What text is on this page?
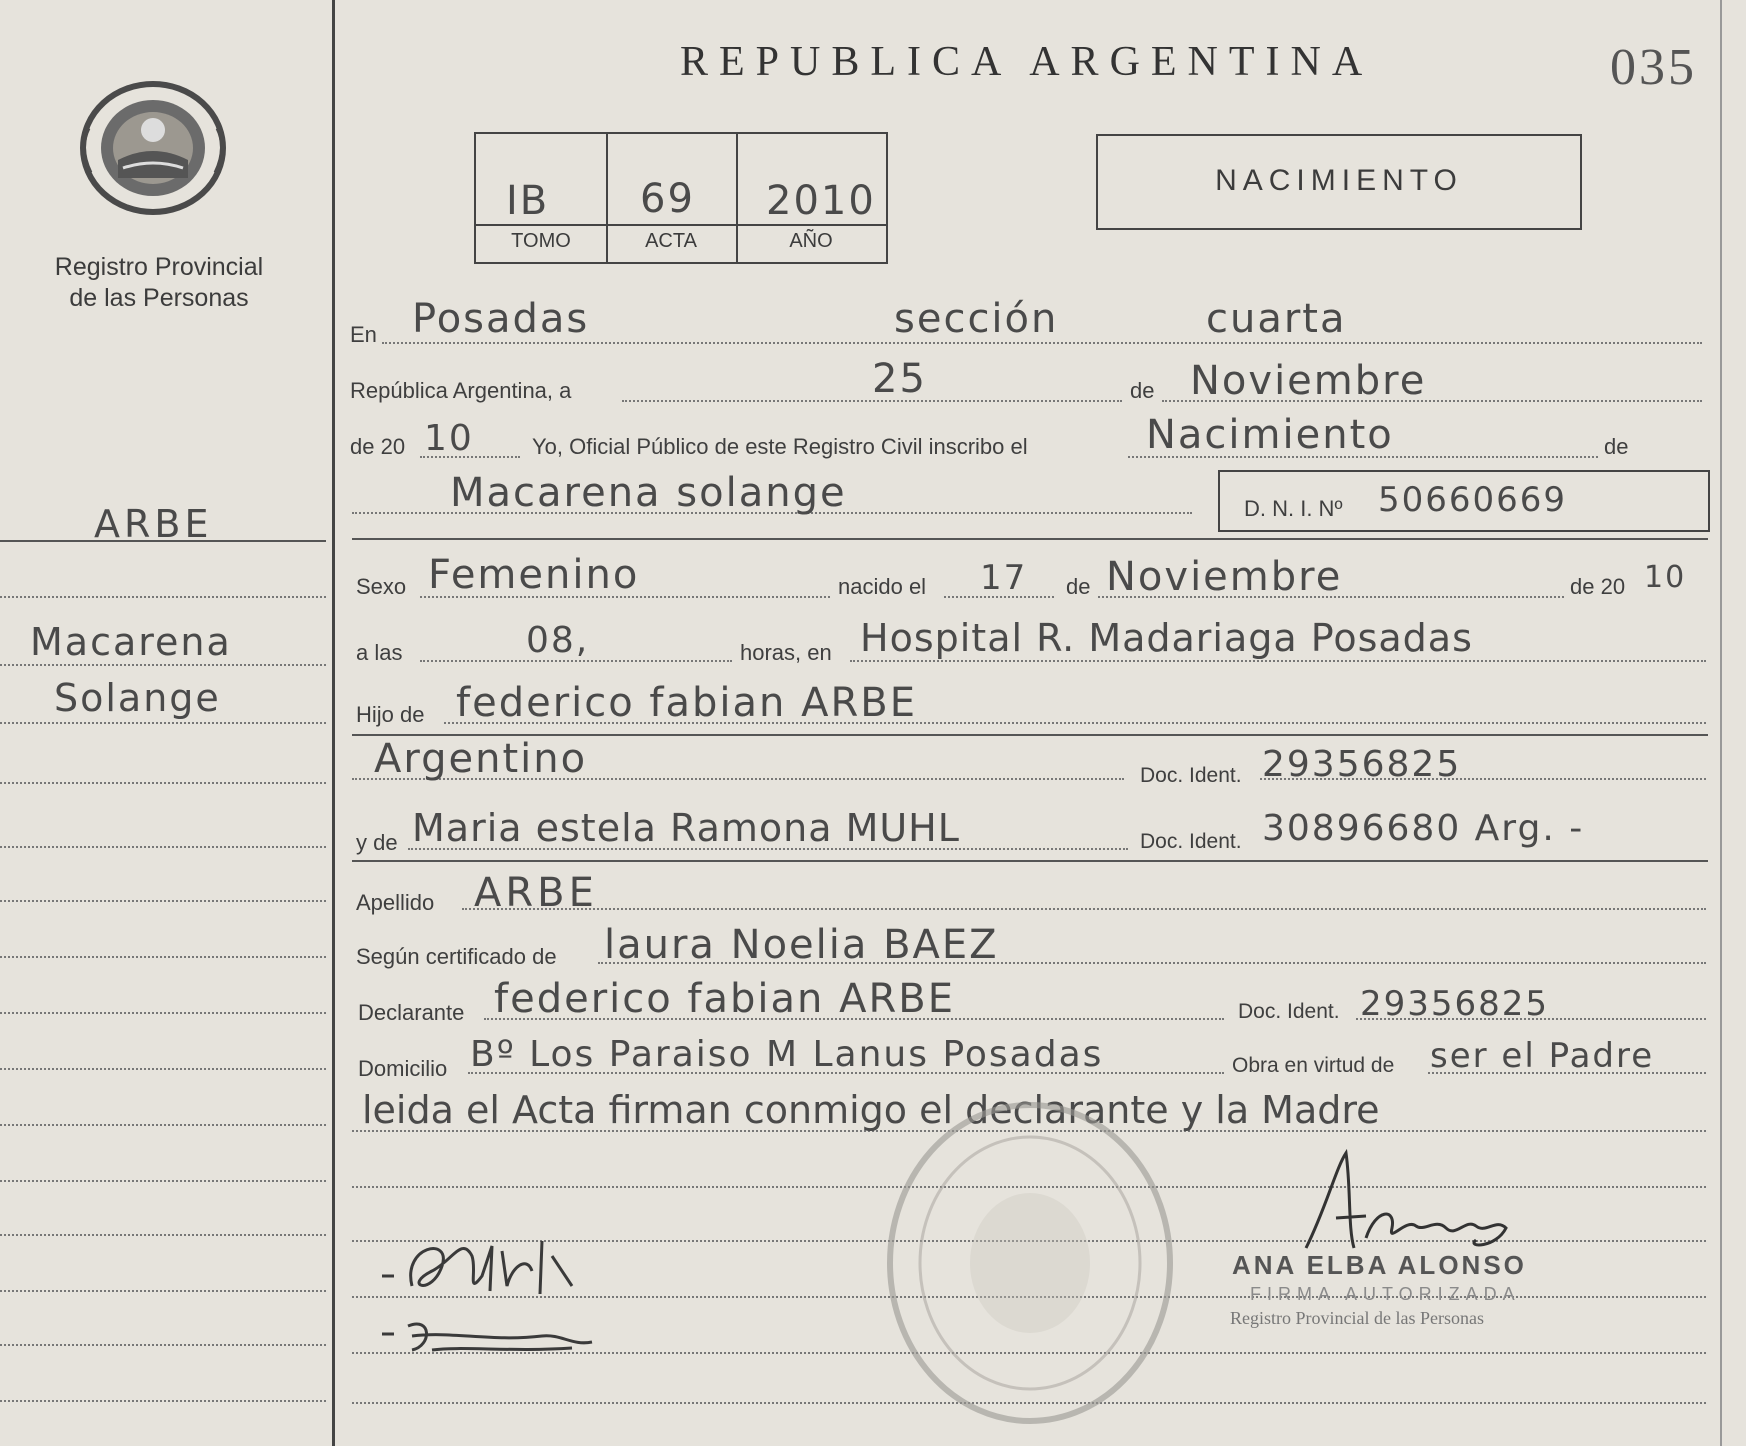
Registro Provincial
de las Personas
ARBE
Macarena
Solange
REPUBLICA ARGENTINA	035
IB 69 2010
TOMO	ACTA	AÑO
NACIMIENTO
En Posadas	sección	cuarta
República Argentina, a	25	de Noviembre
de 20 10	Yo, Oficial Público de este Registro Civil inscribo el	Nacimiento	de
Macarena solange	D. N. I. Nº 50660669
Sexo Femenino	nacido el 17 de Noviembre	de 20 10
a las	08,	horas, en Hospital R. Madariaga Posadas
Hijo de federico fabian ARBE
Argentino	Doc. Ident. 29356825
y de Maria estela Ramona MUHL	Doc. Ident. 30896680 Arg. -
Apellido ARBE
Según certificado de laura Noelia BAEZ
Declarante federico fabian ARBE	Doc. Ident. 29356825
Domicilio Bº Los Paraiso M Lanus Posadas	Obra en virtud de ser el Padre
leida el Acta firman conmigo el declarante y la Madre
ANA ELBA ALONSO
FIRMA AUTORIZADA
Registro Provincial de las Personas
